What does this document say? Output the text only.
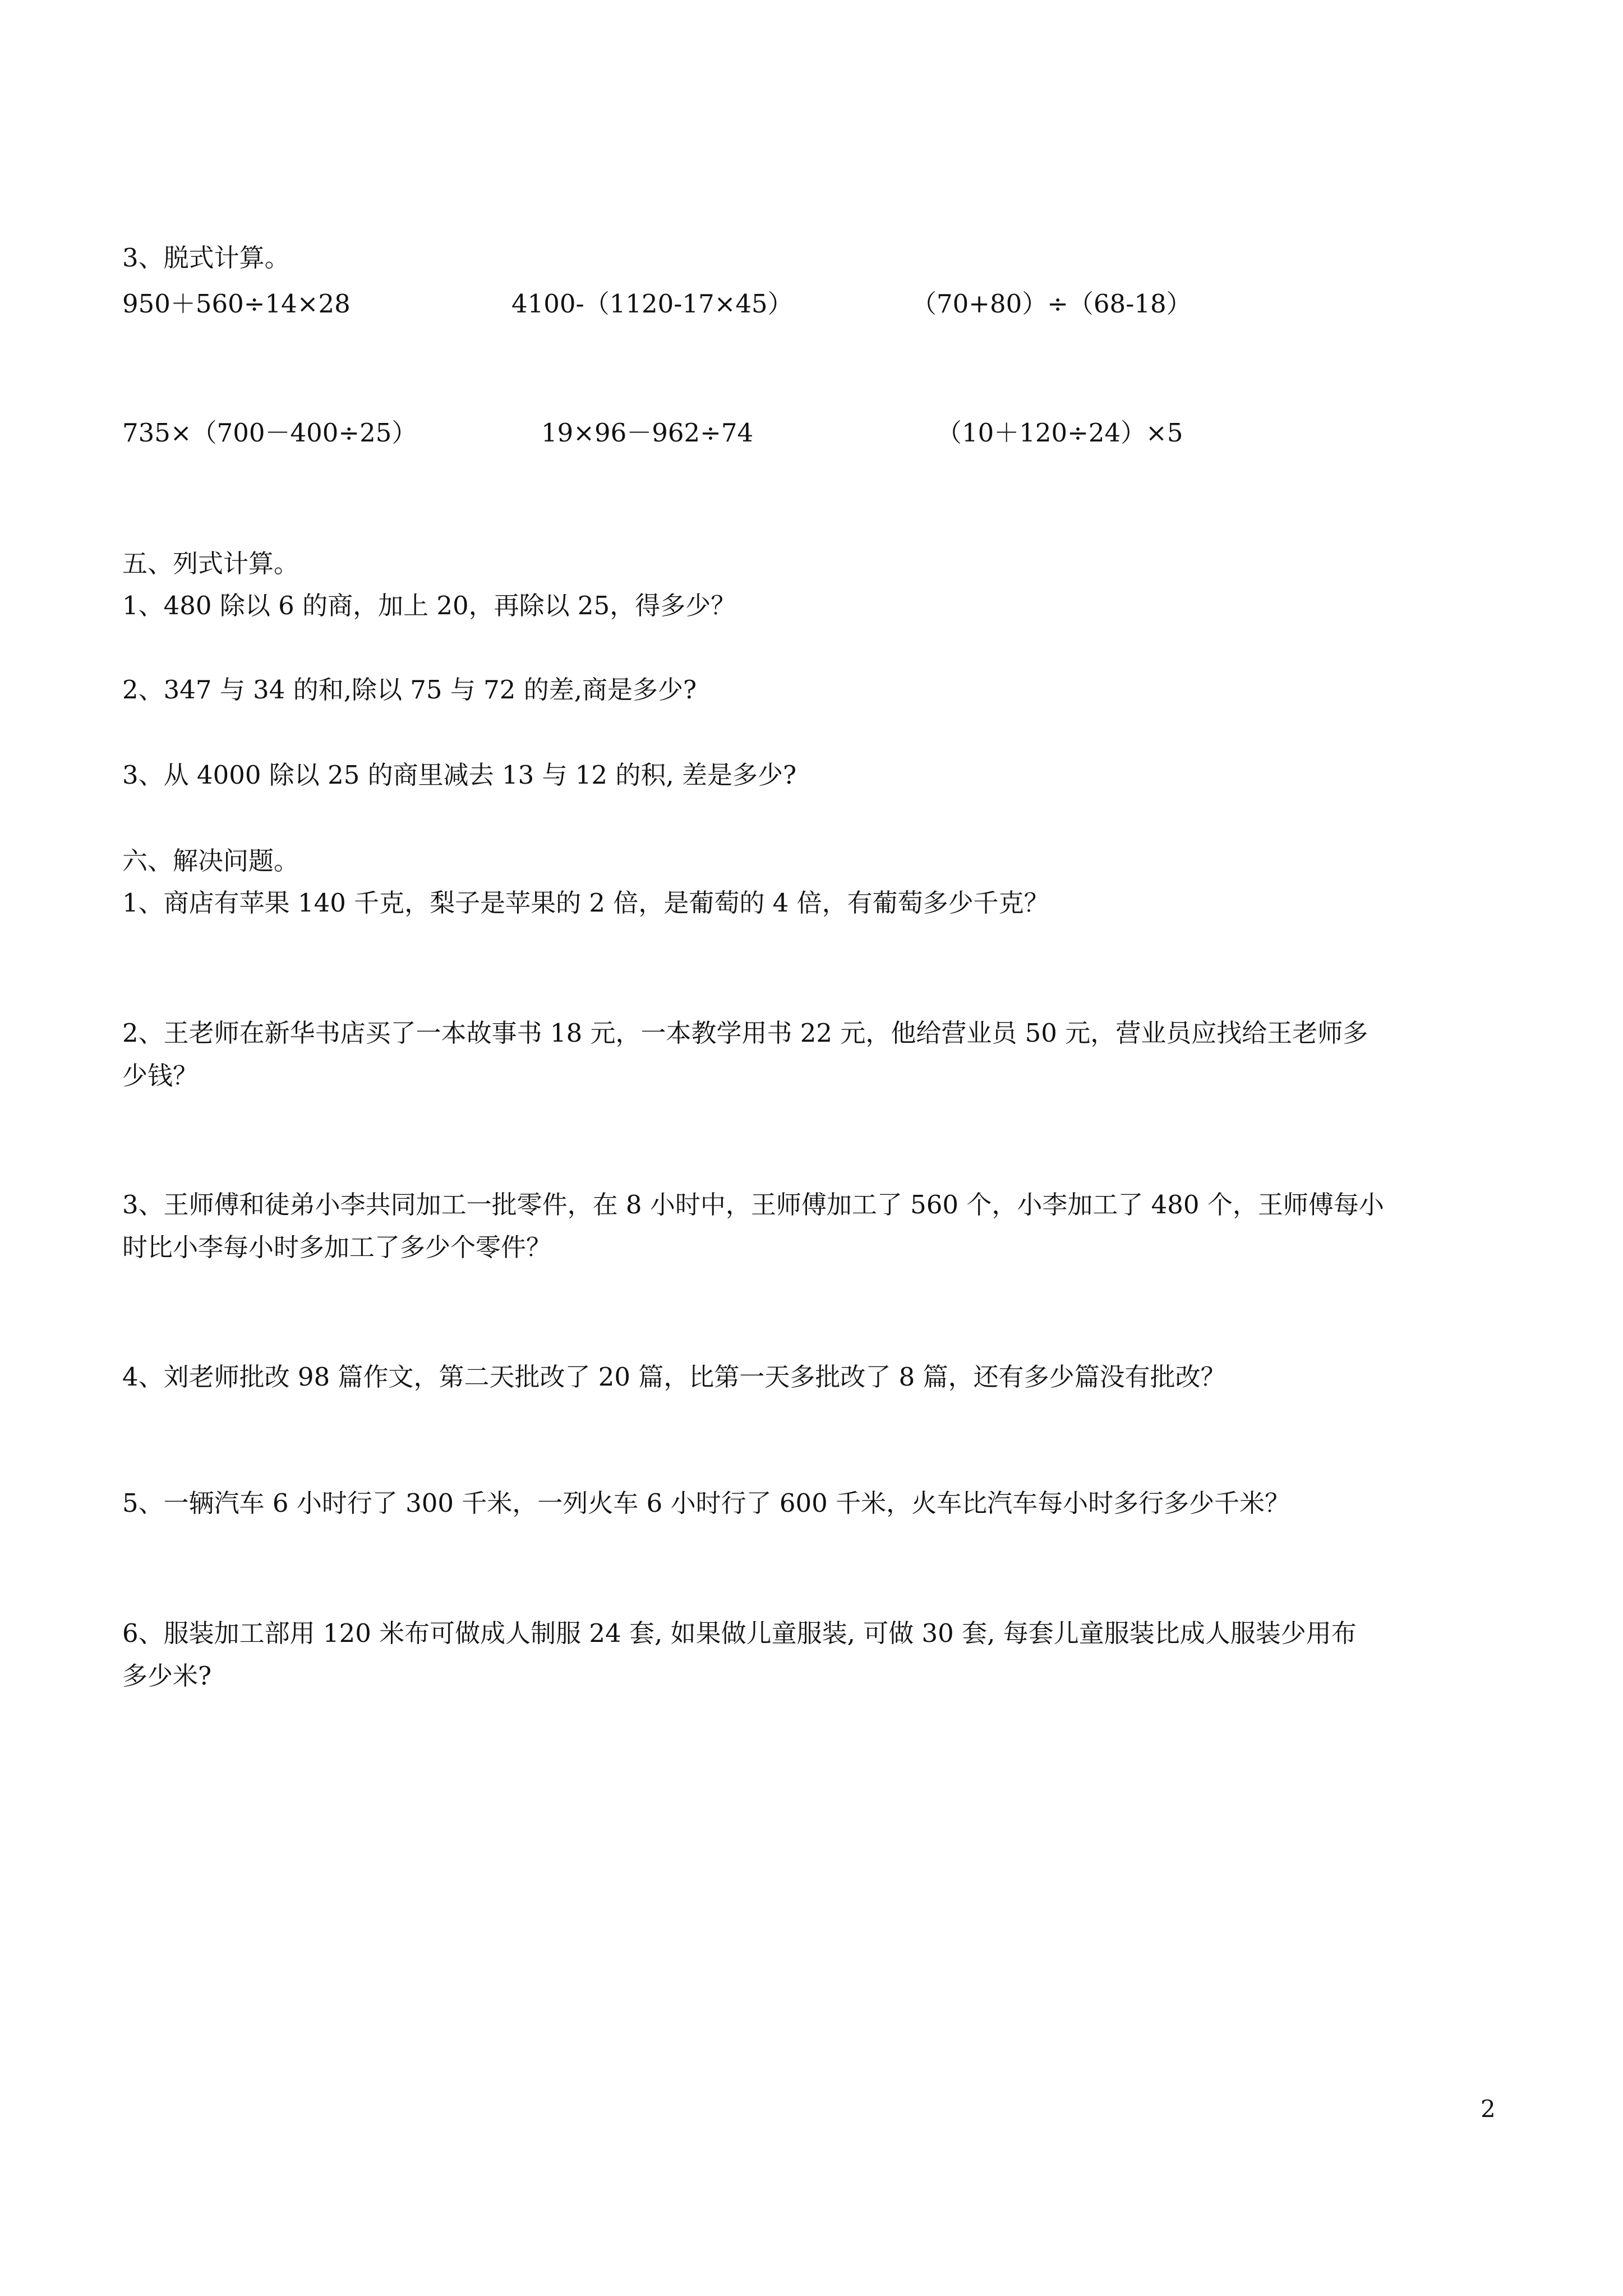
3、脱式计算。
950＋560÷14×28	4100-（1120-17×45）	（70+80）÷（68-18）
735×（700－400÷25）	19×96－962÷74	（10＋120÷24）×5
五、列式计算。
1、480 除以 6 的商，加上 20，再除以 25，得多少？
2、347 与 34 的和,除以 75 与 72 的差,商是多少?
3、从 4000 除以 25 的商里减去 13 与 12 的积, 差是多少?
六、解决问题。
1、商店有苹果 140 千克，梨子是苹果的 2 倍，是葡萄的 4 倍，有葡萄多少千克？
2、王老师在新华书店买了一本故事书 18 元，一本教学用书 22 元，他给营业员 50 元，营业员应找给王老师多
少钱？
3、王师傅和徒弟小李共同加工一批零件，在 8 小时中，王师傅加工了 560 个，小李加工了 480 个，王师傅每小
时比小李每小时多加工了多少个零件？
4、刘老师批改 98 篇作文，第二天批改了 20 篇，比第一天多批改了 8 篇，还有多少篇没有批改？
5、一辆汽车 6 小时行了 300 千米，一列火车 6 小时行了 600 千米，火车比汽车每小时多行多少千米？
6、服装加工部用 120 米布可做成人制服 24 套, 如果做儿童服装, 可做 30 套, 每套儿童服装比成人服装少用布
多少米?
2
